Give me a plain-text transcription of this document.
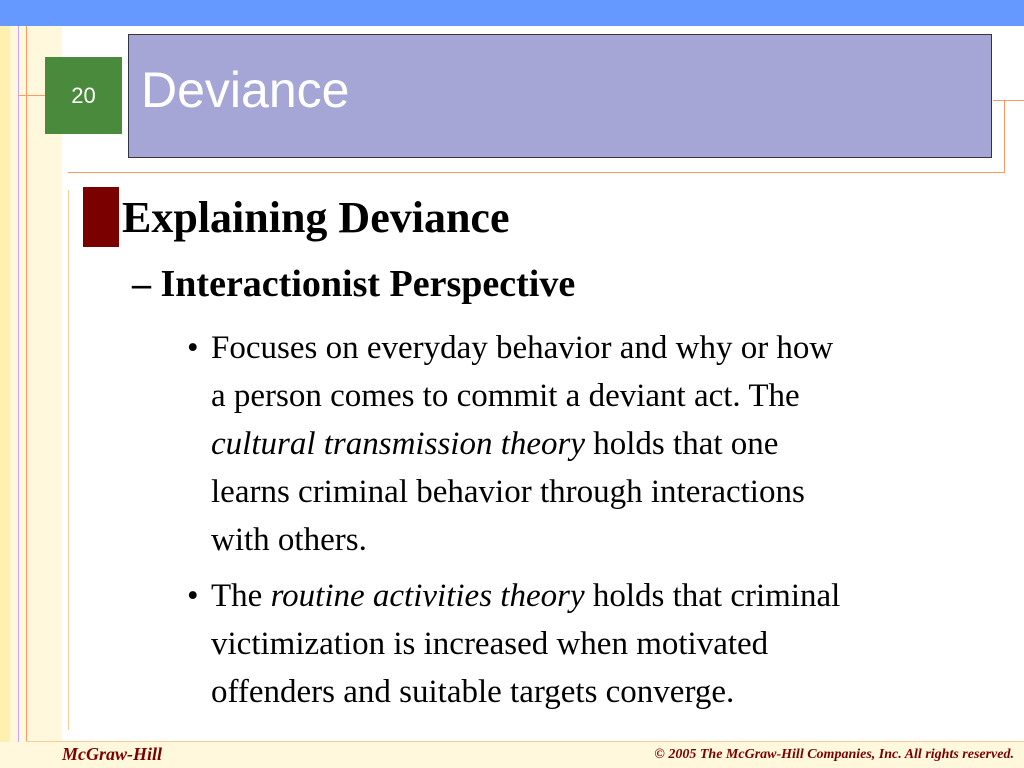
20 Deviance
Explaining Deviance
– Interactionist Perspective
• Focuses on everyday behavior and why or how
a person comes to commit a deviant act. The
cultural transmission theory holds that one
learns criminal behavior through interactions
with others.
• The routine activities theory holds that criminal
victimization is increased when motivated
offenders and suitable targets converge.
McGraw-Hill	© 2005 The McGraw-Hill Companies, Inc. All rights reserved.
